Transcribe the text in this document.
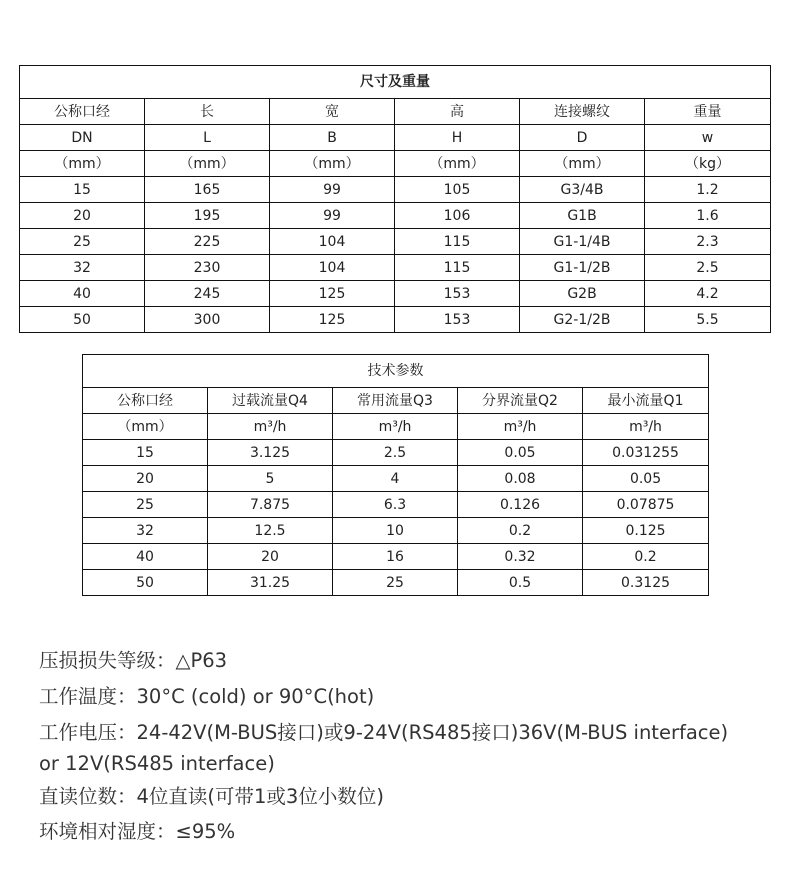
尺寸及重量					
公称口经	长	宽	高	连接螺纹	重量
DN	L	B	H	D	w
（mm）	（mm）	（mm）	（mm）	（mm）	（kg）
15	165	99	105	G3/4B	1.2
20	195	99	106	G1B	1.6
25	225	104	115	G1-1/4B	2.3
32	230	104	115	G1-1/2B	2.5
40	245	125	153	G2B	4.2
50	300	125	153	G2-1/2B	5.5
技术参数				
公称口经	过载流量Q4	常用流量Q3	分界流量Q2	最小流量Q1
（mm）	m³/h	m³/h	m³/h	m³/h
15	3.125	2.5	0.05	0.031255
20	5	4	0.08	0.05
25	7.875	6.3	0.126	0.07875
32	12.5	10	0.2	0.125
40	20	16	0.32	0.2
50	31.25	25	0.5	0.3125
压损损失等级：△P63
工作温度：30°C (cold) or 90°C(hot)
工作电压：24-42V(M-BUS接口)或9-24V(RS485接口)36V(M-BUS interface)
or 12V(RS485 interface)
直读位数：4位直读(可带1或3位小数位)
环境相对湿度：≤95%
